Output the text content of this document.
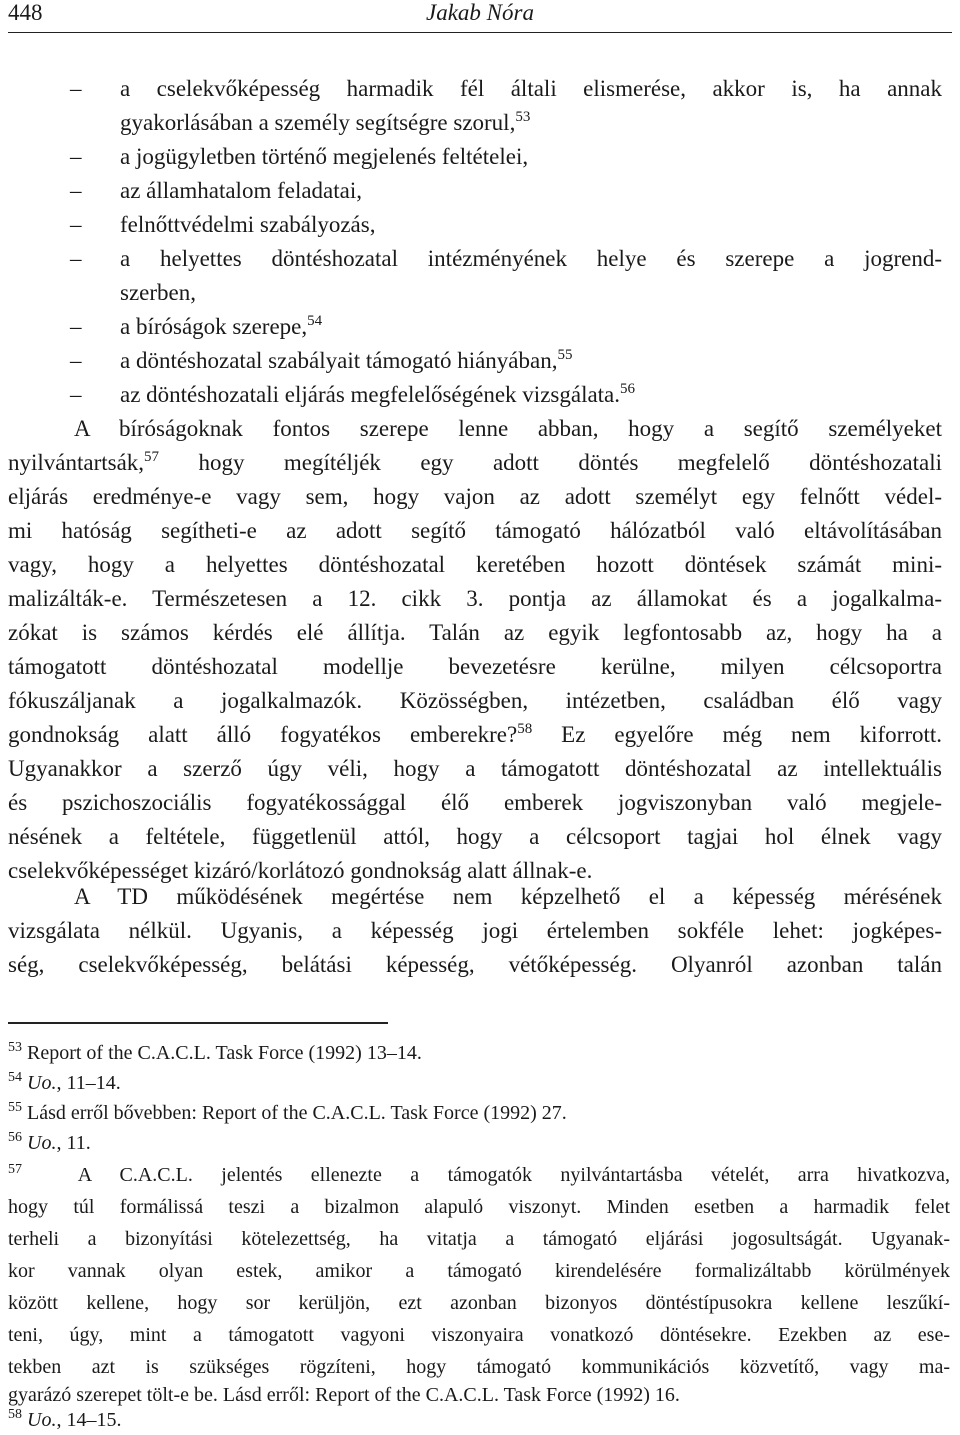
448	Jakab Nóra
– a cselekvőképesség harmadik fél általi elismerése, akkor is, ha annak
gyakorlásában a személy segítségre szorul,$^{53}$
– a jogügyletben történő megjelenés feltételei,
– az államhatalom feladatai,
– felnőttvédelmi szabályozás,
– a helyettes döntéshozatal intézményének helye és szerepe a jogrend-
szerben,
– a bíróságok szerepe,$^{54}$
– a döntéshozatal szabályait támogató hiányában,$^{55}$
– az döntéshozatali eljárás megfelelőségének vizsgálata.$^{56}$
A bíróságoknak fontos szerepe lenne abban, hogy a segítő személyeket
nyilvántartsák,$^{57}$ hogy megítéljék egy adott döntés megfelelő döntéshozatali
eljárás eredménye-e vagy sem, hogy vajon az adott személyt egy felnőtt védel-
mi hatóság segítheti-e az adott segítő támogató hálózatból való eltávolításában
vagy, hogy a helyettes döntéshozatal keretében hozott döntések számát mini-
malizálták-e. Természetesen a 12. cikk 3. pontja az államokat és a jogalkalma-
zókat is számos kérdés elé állítja. Talán az egyik legfontosabb az, hogy ha a
támogatott döntéshozatal modellje bevezetésre kerülne, milyen célcsoportra
fókuszáljanak a jogalkalmazók. Közösségben, intézetben, családban élő vagy
gondnokság alatt álló fogyatékos emberekre?$^{58}$ Ez egyelőre még nem kiforrott.
Ugyanakkor a szerző úgy véli, hogy a támogatott döntéshozatal az intellektuális
és pszichoszociális fogyatékossággal élő emberek jogviszonyban való megjele-
nésének a feltétele, függetlenül attól, hogy a célcsoport tagjai hol élnek vagy
cselekvőképességet kizáró/korlátozó gondnokság alatt állnak-e.
A TD működésének megértése nem képzelhető el a képesség mérésének
vizsgálata nélkül. Ugyanis, a képesség jogi értelemben sokféle lehet: jogképes-
ség, cselekvőképesség, belátási képesség, vétőképesség. Olyanról azonban talán
$^{53}$ Report of the C.A.C.L. Task Force (1992) 13–14.
$^{54}$ Uo., 11–14.
$^{55}$ Lásd erről bővebben: Report of the C.A.C.L. Task Force (1992) 27.
$^{56}$ Uo., 11.
$^{57}$	A C.A.C.L. jelentés ellenezte a támogatók nyilvántartásba vételét, arra hivatkozva,
hogy túl formálissá teszi a bizalmon alapuló viszonyt. Minden esetben a harmadik felet
terheli a bizonyítási kötelezettség, ha vitatja a támogató eljárási jogosultságát. Ugyanak-
kor vannak olyan estek, amikor a támogató kirendelésére formalizáltabb körülmények
között kellene, hogy sor kerüljön, ezt azonban bizonyos döntéstípusokra kellene leszűkí-
teni, úgy, mint a támogatott vagyoni viszonyaira vonatkozó döntésekre. Ezekben az ese-
tekben azt is szükséges rögzíteni, hogy támogató kommunikációs közvetítő, vagy ma-
gyarázó szerepet tölt-e be. Lásd erről: Report of the C.A.C.L. Task Force (1992) 16.
$^{58}$ Uo., 14–15.
